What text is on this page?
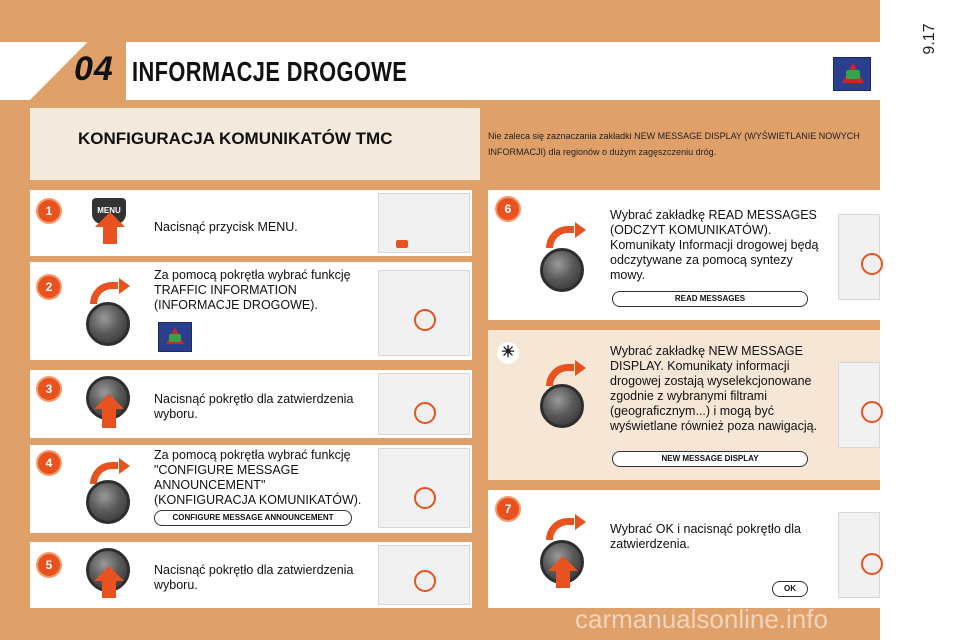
04 INFORMACJE DROGOWE
9.17
KONFIGURACJA KOMUNIKATÓW TMC	Nie zaleca się zaznaczania zakładki NEW MESSAGE DISPLAY (WYŚWIETLANIE NOWYCH INFORMACJI) dla regionów o dużym zagęszczeniu dróg.
1	MENU
Nacisnąć przycisk MENU.
2
Za pomocą pokrętła wybrać funkcję TRAFFIC INFORMATION (INFORMACJE DROGOWE).
3
Nacisnąć pokrętło dla zatwierdzenia wyboru.
4
Za pomocą pokrętła wybrać funkcję "CONFIGURE MESSAGE ANNOUNCEMENT" (KONFIGURACJA KOMUNIKATÓW).
CONFIGURE MESSAGE ANNOUNCEMENT
5	Nacisnąć pokrętło dla zatwierdzenia wyboru.
6	Wybrać zakładkę READ MESSAGES (ODCZYT KOMUNIKATÓW). Komunikaty Informacji drogowej będą odczytywane za pomocą syntezy mowy.
READ MESSAGES
☀	Wybrać zakładkę NEW MESSAGE DISPLAY. Komunikaty informacji drogowej zostają wyselekcjonowane zgodnie z wybranymi filtrami (geograficznym...) i mogą być wyświetlane również poza nawigacją.
NEW MESSAGE DISPLAY
7
Wybrać OK i nacisnąć pokrętło dla zatwierdzenia.
OK
carmanualsonline.info
